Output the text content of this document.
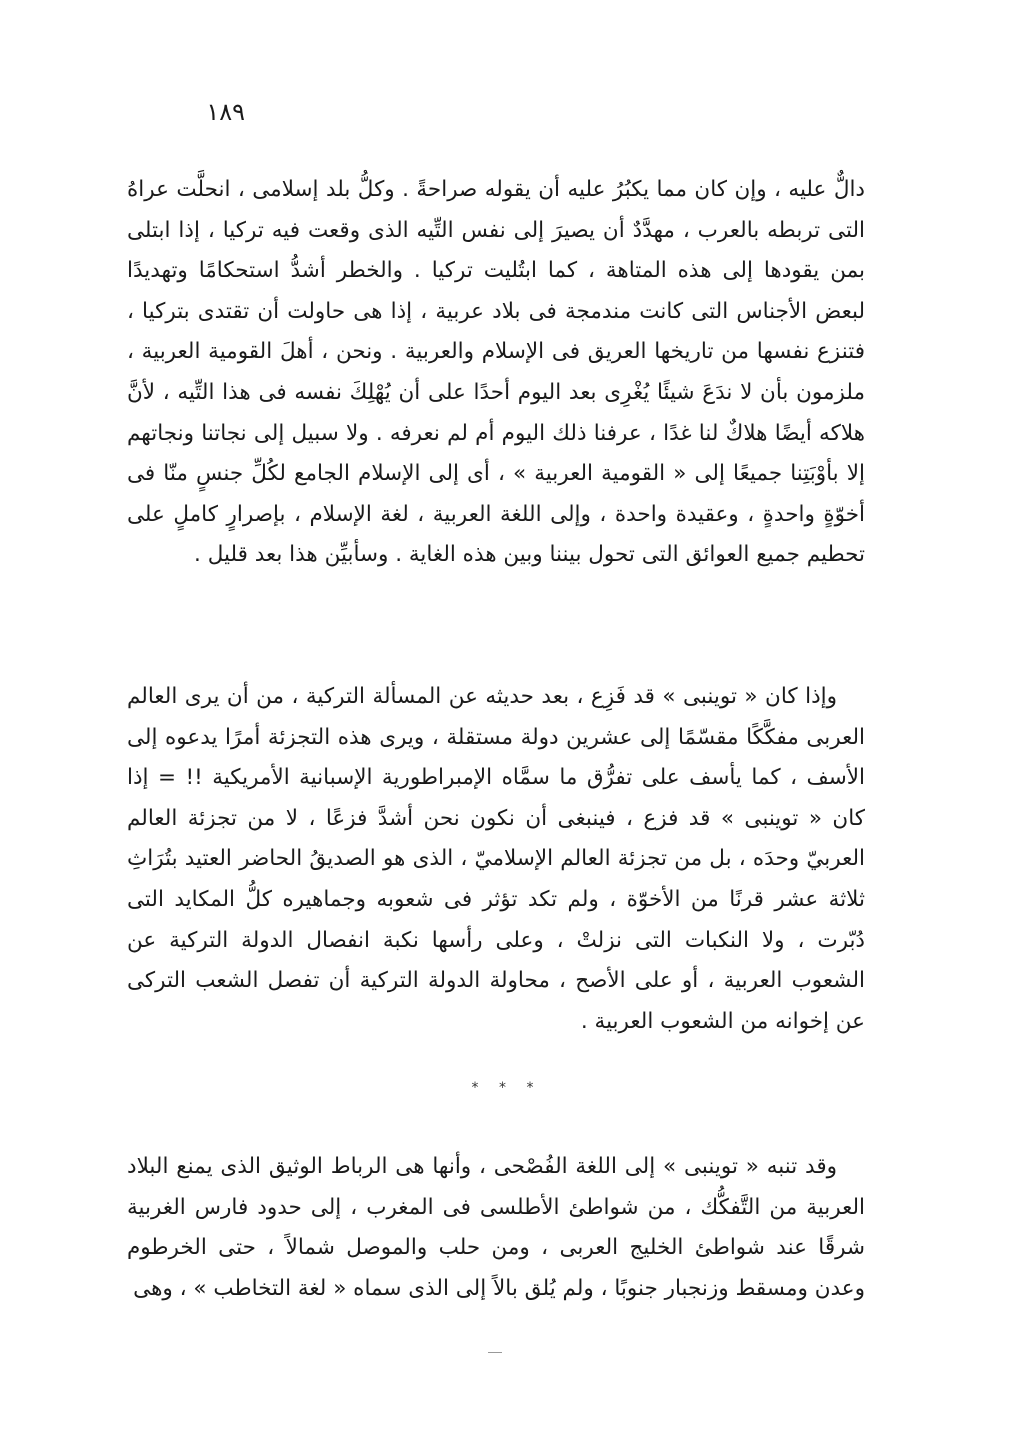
١٨٩

دالٌّ عليه ، وإن كان مما يكبُرُ عليه أن يقوله صراحةً . وكلُّ بلد إسلامى ، انحلَّت عراهُ التى تربطه بالعرب ، مهدَّدٌ أن يصيرَ إلى نفس التِّيه الذى وقعت فيه تركيا ، إذا ابتلى بمن يقودها إلى هذه المتاهة ، كما ابتُليت تركيا . والخطر أشدُّ استحكامًا وتهديدًا لبعض الأجناس التى كانت مندمجة فى بلاد عربية ، إذا هى حاولت أن تقتدى بتركيا ، فتنزع نفسها من تاريخها العريق فى الإسلام والعربية . ونحن ، أهلَ القومية العربية ، ملزمون بأن لا ندَعَ شيئًا يُغْرِى بعد اليوم أحدًا على أن يُهْلِكَ نفسه فى هذا التِّيه ، لأنَّ هلاكه أيضًا هلاكٌ لنا غدًا ، عرفنا ذلك اليوم أم لم نعرفه . ولا سبيل إلى نجاتنا ونجاتهم إلا بأوْبَتِنا جميعًا إلى « القومية العربية » ، أى إلى الإسلام الجامع لكُلِّ جنسٍ منّا فى أخوّةٍ واحدةٍ ، وعقيدة واحدة ، وإلى اللغة العربية ، لغة الإسلام ، بإصرارٍ كاملٍ على تحطيم جميع العوائق التى تحول بيننا وبين هذه الغاية . وسأبيِّن هذا بعد قليل .

وإذا كان « توينبى » قد فَزِع ، بعد حديثه عن المسألة التركية ، من أن يرى العالم العربى مفكَّكًا مقسّمًا إلى عشرين دولة مستقلة ، ويرى هذه التجزئة أمرًا يدعوه إلى الأسف ، كما يأسف على تفرُّق ما سمَّاه الإمبراطورية الإسبانية الأمريكية !! = إذا كان « توينبى » قد فزع ، فينبغى أن نكون نحن أشدَّ فزعًا ، لا من تجزئة العالم العربيّ وحدَه ، بل من تجزئة العالم الإسلاميّ ، الذى هو الصديقُ الحاضر العتيد بتُرَاثِ ثلاثة عشر قرنًا من الأخوّة ، ولم تكد تؤثر فى شعوبه وجماهيره كلُّ المكايد التى دُبّرت ، ولا النكبات التى نزلتْ ، وعلى رأسها نكبة انفصال الدولة التركية عن الشعوب العربية ، أو على الأصح ، محاولة الدولة التركية أن تفصل الشعب التركى عن إخوانه من الشعوب العربية .

* * *

وقد تنبه « توينبى » إلى اللغة الفُصْحى ، وأنها هى الرباط الوثيق الذى يمنع البلاد العربية من التَّفكُّك ، من شواطئ الأطلسى فى المغرب ، إلى حدود فارس الغربية شرقًا عند شواطئ الخليج العربى ، ومن حلب والموصل شمالاً ، حتى الخرطوم وعدن ومسقط وزنجبار جنوبًا ، ولم يُلق بالاً إلى الذى سماه « لغة التخاطب » ، وهى
